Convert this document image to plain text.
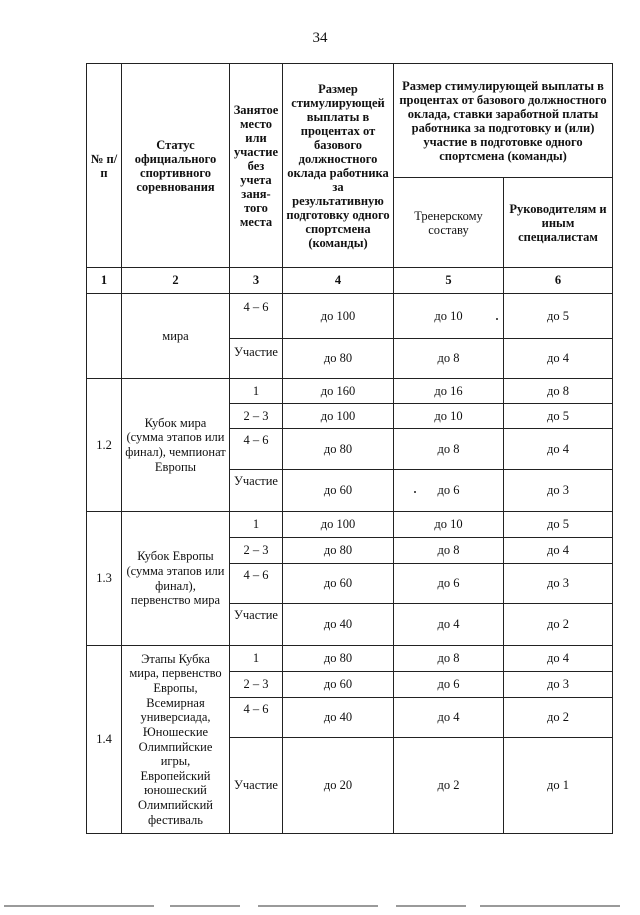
34
№ п/п	Статус официального спортивного соревнования	Занятое место или участие без учета заня-того места	Размер стимулирующей выплаты в процентах от базового должностного оклада работника за результативную подготовку одного спортсмена (команды)	Размер стимулирующей выплаты в процентах от базового должностного оклада, ставки заработной платы работника за подготовку и (или) участие в подготовке одного спортсмена (команды)	
				Тренерскому составу	Руководителям и иным специалистам
1	2	3	4	5	6
	мира	4 – 6	до 100	до 10	до 5
		Участие	до 80	до 8	до 4
1.2	Кубок мира (сумма этапов или финал), чемпионат Европы	1	до 160	до 16	до 8
		2 – 3	до 100	до 10	до 5
		4 – 6	до 80	до 8	до 4
		Участие	до 60	до 6	до 3
1.3	Кубок Европы (сумма этапов или финал), первенство мира	1	до 100	до 10	до 5
		2 – 3	до 80	до 8	до 4
		4 – 6	до 60	до 6	до 3
		Участие	до 40	до 4	до 2
1.4	Этапы Кубка мира, первенство Европы, Всемирная универсиада, Юношеские Олимпийские игры, Европейский юношеский Олимпийский фестиваль	1	до 80	до 8	до 4
		2 – 3	до 60	до 6	до 3
		4 – 6	до 40	до 4	до 2
		Участие	до 20	до 2	до 1
